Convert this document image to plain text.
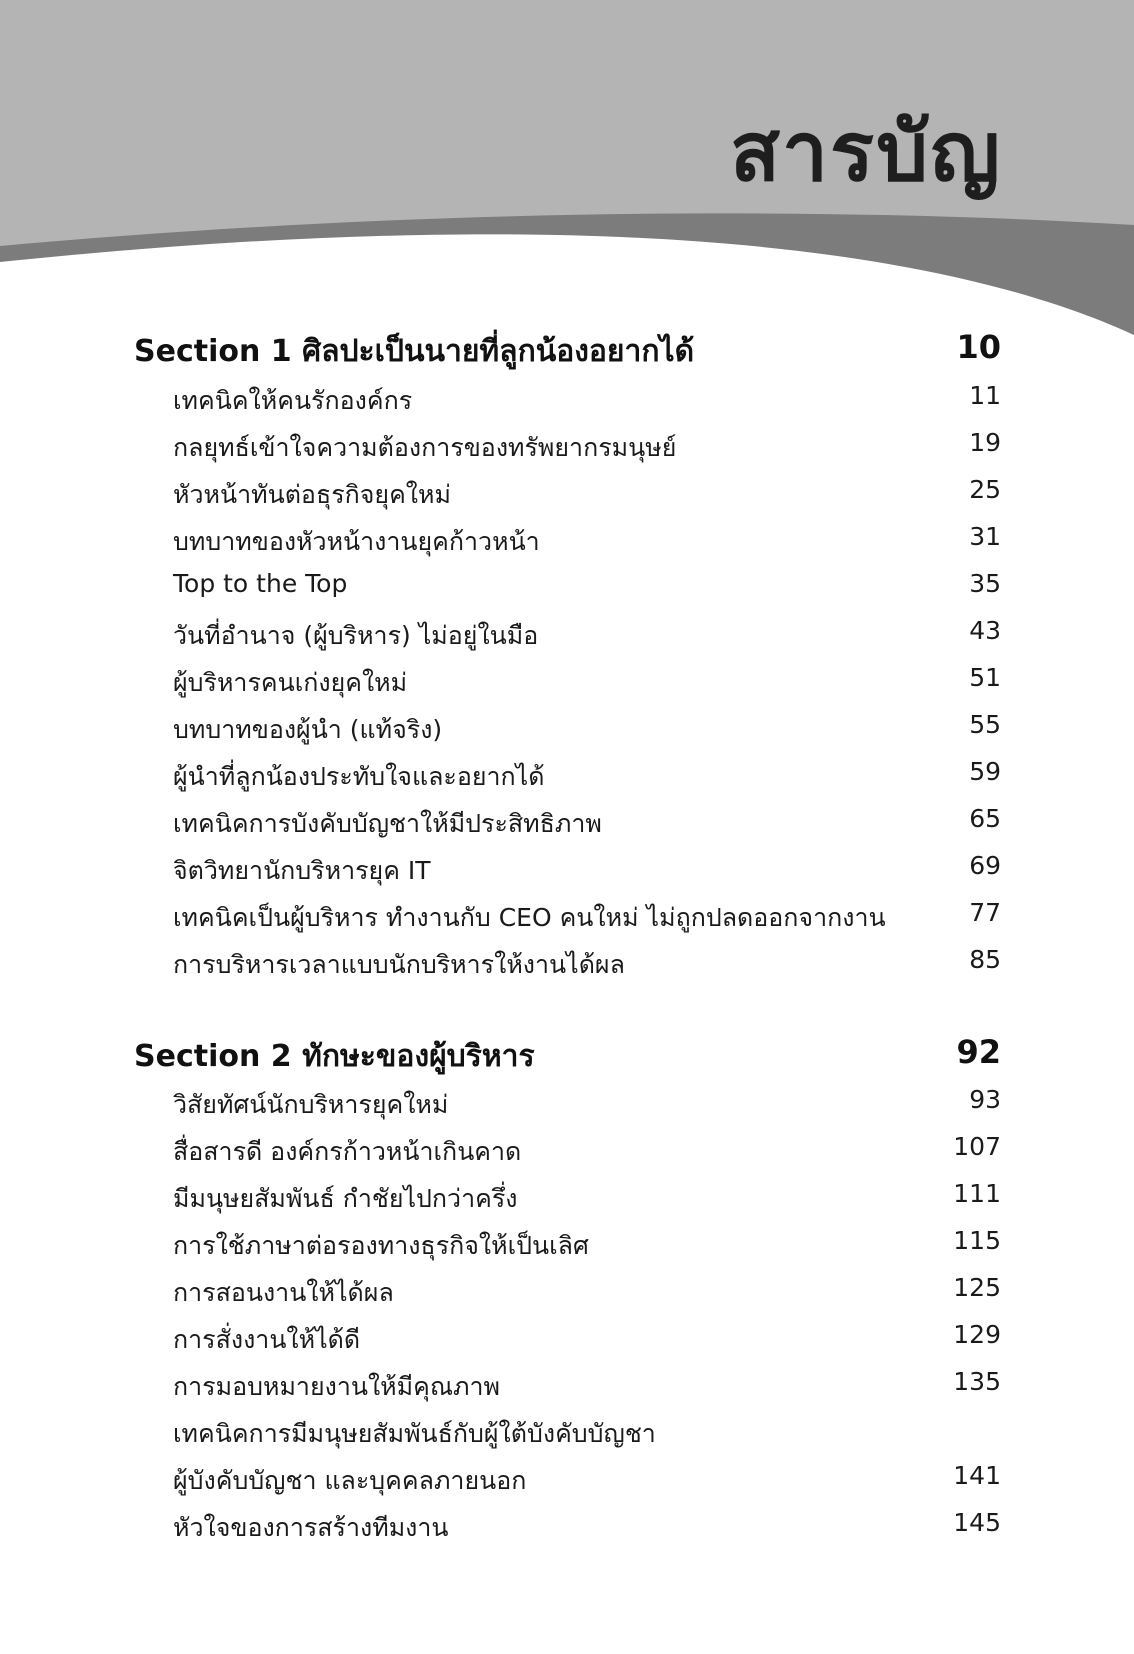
สารบัญ
Section 1 ศิลปะเป็นนายที่ลูกน้องอยากได้	10
เทคนิคให้คนรักองค์กร	11
กลยุทธ์เข้าใจความต้องการของทรัพยากรมนุษย์	19
หัวหน้าทันต่อธุรกิจยุคใหม่	25
บทบาทของหัวหน้างานยุคก้าวหน้า	31
Top to the Top	35
วันที่อำนาจ (ผู้บริหาร) ไม่อยู่ในมือ	43
ผู้บริหารคนเก่งยุคใหม่	51
บทบาทของผู้นำ (แท้จริง)	55
ผู้นำที่ลูกน้องประทับใจและอยากได้	59
เทคนิคการบังคับบัญชาให้มีประสิทธิภาพ	65
จิตวิทยานักบริหารยุค IT	69
เทคนิคเป็นผู้บริหาร ทำงานกับ CEO คนใหม่ ไม่ถูกปลดออกจากงาน	77
การบริหารเวลาแบบนักบริหารให้งานได้ผล	85
Section 2 ทักษะของผู้บริหาร	92
วิสัยทัศน์นักบริหารยุคใหม่	93
สื่อสารดี องค์กรก้าวหน้าเกินคาด	107
มีมนุษยสัมพันธ์ กำชัยไปกว่าครึ่ง	111
การใช้ภาษาต่อรองทางธุรกิจให้เป็นเลิศ	115
การสอนงานให้ได้ผล	125
การสั่งงานให้ได้ดี	129
การมอบหมายงานให้มีคุณภาพ	135
เทคนิคการมีมนุษยสัมพันธ์กับผู้ใต้บังคับบัญชา
ผู้บังคับบัญชา และบุคคลภายนอก	141
หัวใจของการสร้างทีมงาน	145
